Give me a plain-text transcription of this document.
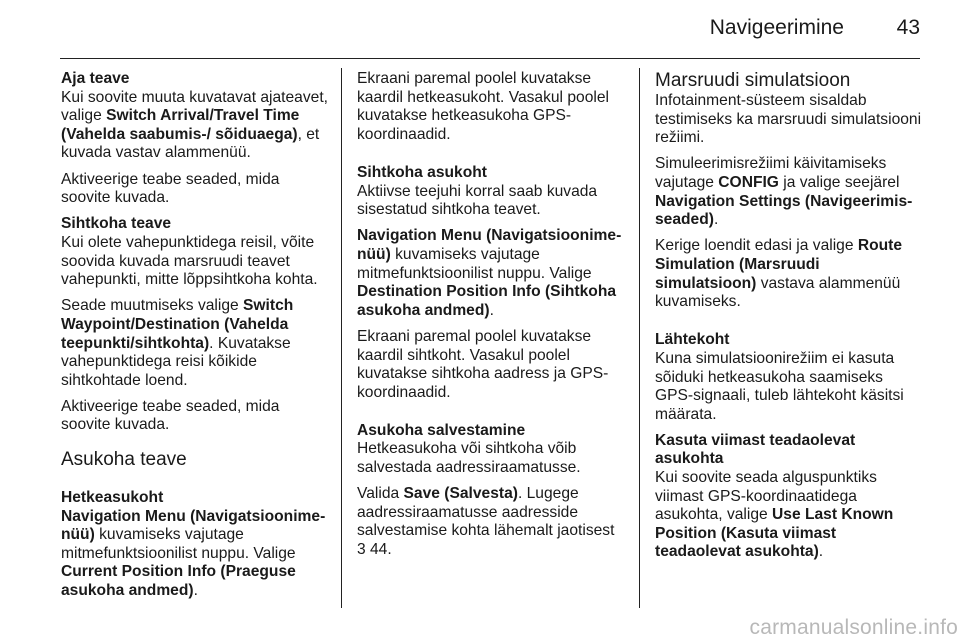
Navigeerimine	43
Aja teave

Kui soovite muuta kuvatavat ajateavet, valige Switch Arrival/Travel Time (Vahelda saabumis-/ sõiduaega), et kuvada vastav alammenüü.

Aktiveerige teabe seaded, mida soovite kuvada.

Sihtkoha teave

Kui olete vahepunktidega reisil, võite soovida kuvada marsruudi teavet vahepunkti, mitte lõppsihtkoha kohta.

Seade muutmiseks valige Switch Waypoint/Destination (Vahelda teepunkti/sihtkohta). Kuvatakse vahepunktidega reisi kõikide sihtkohtade loend.

Aktiveerige teabe seaded, mida soovite kuvada.

Asukoha teave
Hetkeasukoht

Navigation Menu (Navigatsioonime- nüü) kuvamiseks vajutage mitmefunktsioonilist nuppu. Valige Current Position Info (Praeguse asukoha andmed).

Ekraani paremal poolel kuvatakse kaardil hetkeasukoht. Vasakul poolel kuvatakse hetkeasukoha GPS-koordinaadid.

Sihtkoha asukoht

Aktiivse teejuhi korral saab kuvada sisestatud sihtkoha teavet.

Navigation Menu (Navigatsioonime- nüü) kuvamiseks vajutage mitmefunktsioonilist nuppu. Valige Destination Position Info (Sihtkoha asukoha andmed).

Ekraani paremal poolel kuvatakse kaardil sihtkoht. Vasakul poolel kuvatakse sihtkoha aadress ja GPS-koordinaadid.

Asukoha salvestamine

Hetkeasukoha või sihtkoha võib salvestada aadressiraamatusse.

Valida Save (Salvesta). Lugege aadressiraamatusse aadresside salvestamise kohta lähemalt jaotisest 3 44.

Marsruudi simulatsioon

Infotainment-süsteem sisaldab testimiseks ka marsruudi simulatsiooni režiimi.

Simuleerimisrežiimi käivitamiseks vajutage CONFIG ja valige seejärel Navigation Settings (Navigeerimis- seaded).

Kerige loendit edasi ja valige Route Simulation (Marsruudi simulatsioon) vastava alammenüü kuvamiseks.

Lähtekoht

Kuna simulatsioonirežiim ei kasuta sõiduki hetkeasukoha saamiseks GPS-signaali, tuleb lähtekoht käsitsi määrata.

Kasuta viimast teadaolevat asukohta

Kui soovite seada alguspunktiks viimast GPS-koordinaatidega asukohta, valige Use Last Known Position (Kasuta viimast teadaolevat asukohta).

carmanualsonline.info
